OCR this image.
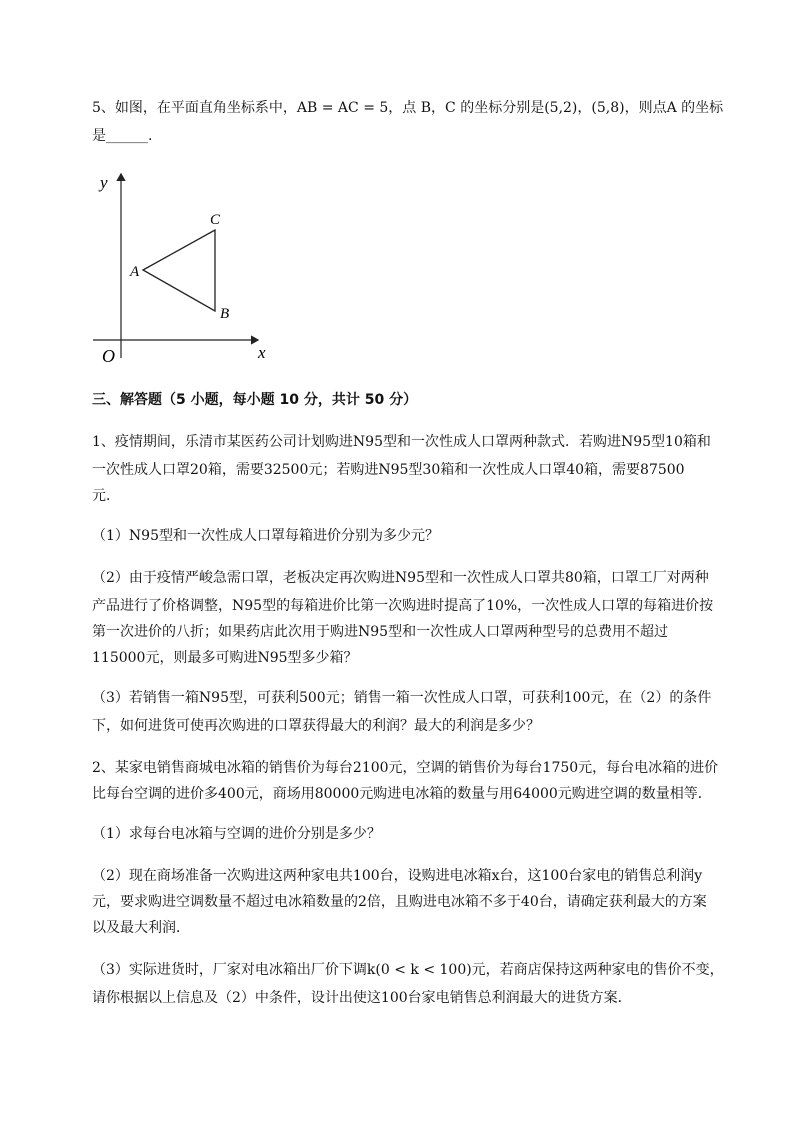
5、如图，在平面直角坐标系中，AB = AC = 5，点 B，C 的坐标分别是(5,2)，(5,8)，则点A 的坐标
是______.
y
x
O
A
B
C
三、解答题（5 小题，每小题 10 分，共计 50 分）
1、疫情期间，乐清市某医药公司计划购进N95型和一次性成人口罩两种款式．若购进N95型10箱和
一次性成人口罩20箱，需要32500元；若购进N95型30箱和一次性成人口罩40箱，需要87500
元．
（1）N95型和一次性成人口罩每箱进价分别为多少元？
（2）由于疫情严峻急需口罩，老板决定再次购进N95型和一次性成人口罩共80箱，口罩工厂对两种
产品进行了价格调整，N95型的每箱进价比第一次购进时提高了10%，一次性成人口罩的每箱进价按
第一次进价的八折；如果药店此次用于购进N95型和一次性成人口罩两种型号的总费用不超过
115000元，则最多可购进N95型多少箱？
（3）若销售一箱N95型，可获利500元；销售一箱一次性成人口罩，可获利100元，在（2）的条件
下，如何进货可使再次购进的口罩获得最大的利润？最大的利润是多少？
2、某家电销售商城电冰箱的销售价为每台2100元，空调的销售价为每台1750元，每台电冰箱的进价
比每台空调的进价多400元，商场用80000元购进电冰箱的数量与用64000元购进空调的数量相等．
（1）求每台电冰箱与空调的进价分别是多少？
（2）现在商场准备一次购进这两种家电共100台，设购进电冰箱x台，这100台家电的销售总利润y
元，要求购进空调数量不超过电冰箱数量的2倍，且购进电冰箱不多于40台，请确定获利最大的方案
以及最大利润．
（3）实际进货时，厂家对电冰箱出厂价下调k(0 < k < 100)元，若商店保持这两种家电的售价不变，
请你根据以上信息及（2）中条件，设计出使这100台家电销售总利润最大的进货方案．
